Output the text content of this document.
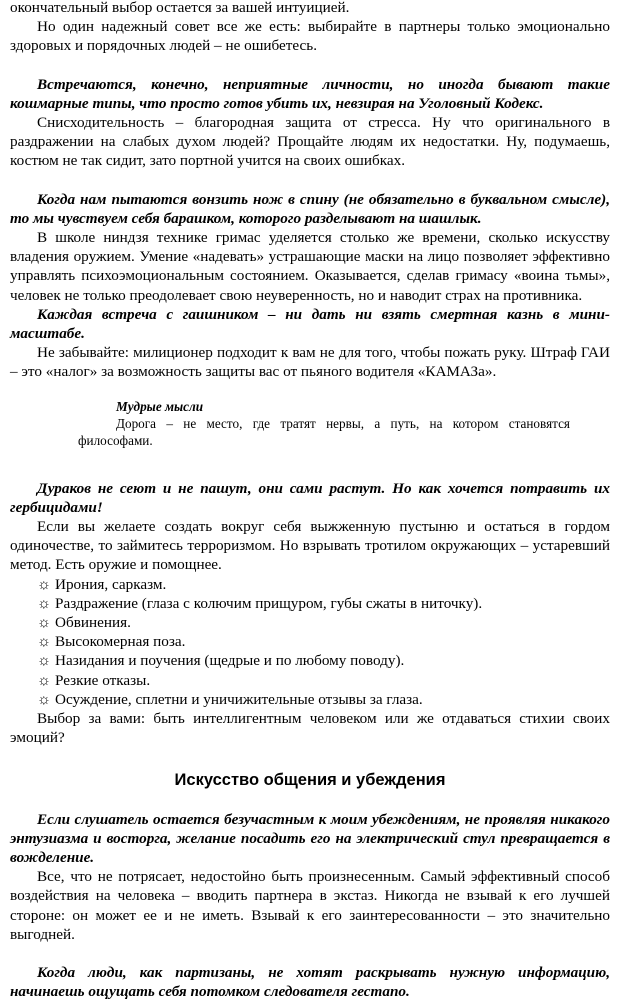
окончательный выбор остается за вашей интуицией.

Но один надежный совет все же есть: выбирайте в партнеры только эмоционально здоровых и порядочных людей – не ошибетесь.

Встречаются, конечно, неприятные личности, но иногда бывают такие кошмарные типы, что просто готов убить их, невзирая на Уголовный Кодекс.

Снисходительность – благородная защита от стресса. Ну что оригинального в раздражении на слабых духом людей? Прощайте людям их недостатки. Ну, подумаешь, костюм не так сидит, зато портной учится на своих ошибках.

Когда нам пытаются вонзить нож в спину (не обязательно в буквальном смысле), то мы чувствуем себя барашком, которого разделывают на шашлык.

В школе ниндзя технике гримас уделяется столько же времени, сколько искусству владения оружием. Умение «надевать» устрашающие маски на лицо позволяет эффективно управлять психоэмоциональным состоянием. Оказывается, сделав гримасу «воина тьмы», человек не только преодолевает свою неуверенность, но и наводит страх на противника.

Каждая встреча с гаишником – ни дать ни взять смертная казнь в мини-масштабе.

Не забывайте: милиционер подходит к вам не для того, чтобы пожать руку. Штраф ГАИ – это «налог» за возможность защиты вас от пьяного водителя «КАМАЗа».

Мудрые мысли

Дорога – не место, где тратят нервы, а путь, на котором становятся философами.

Дураков не сеют и не пашут, они сами растут. Но как хочется потравить их гербицидами!

Если вы желаете создать вокруг себя выжженную пустыню и остаться в гордом одиночестве, то займитесь терроризмом. Но взрывать тротилом окружающих – устаревший метод. Есть оружие и помощнее.

☼ Ирония, сарказм.
☼ Раздражение (глаза с колючим прищуром, губы сжаты в ниточку).
☼ Обвинения.
☼ Высокомерная поза.
☼ Назидания и поучения (щедрые и по любому поводу).
☼ Резкие отказы.
☼ Осуждение, сплетни и уничижительные отзывы за глаза.

Выбор за вами: быть интеллигентным человеком или же отдаваться стихии своих эмоций?

Искусство общения и убеждения

Если слушатель остается безучастным к моим убеждениям, не проявляя никакого энтузиазма и восторга, желание посадить его на электрический стул превращается в вожделение.

Все, что не потрясает, недостойно быть произнесенным. Самый эффективный способ воздействия на человека – вводить партнера в экстаз. Никогда не взывай к его лучшей стороне: он может ее и не иметь. Взывай к его заинтересованности – это значительно выгодней.

Когда люди, как партизаны, не хотят раскрывать нужную информацию, начинаешь ощущать себя потомком следователя гестапо.
